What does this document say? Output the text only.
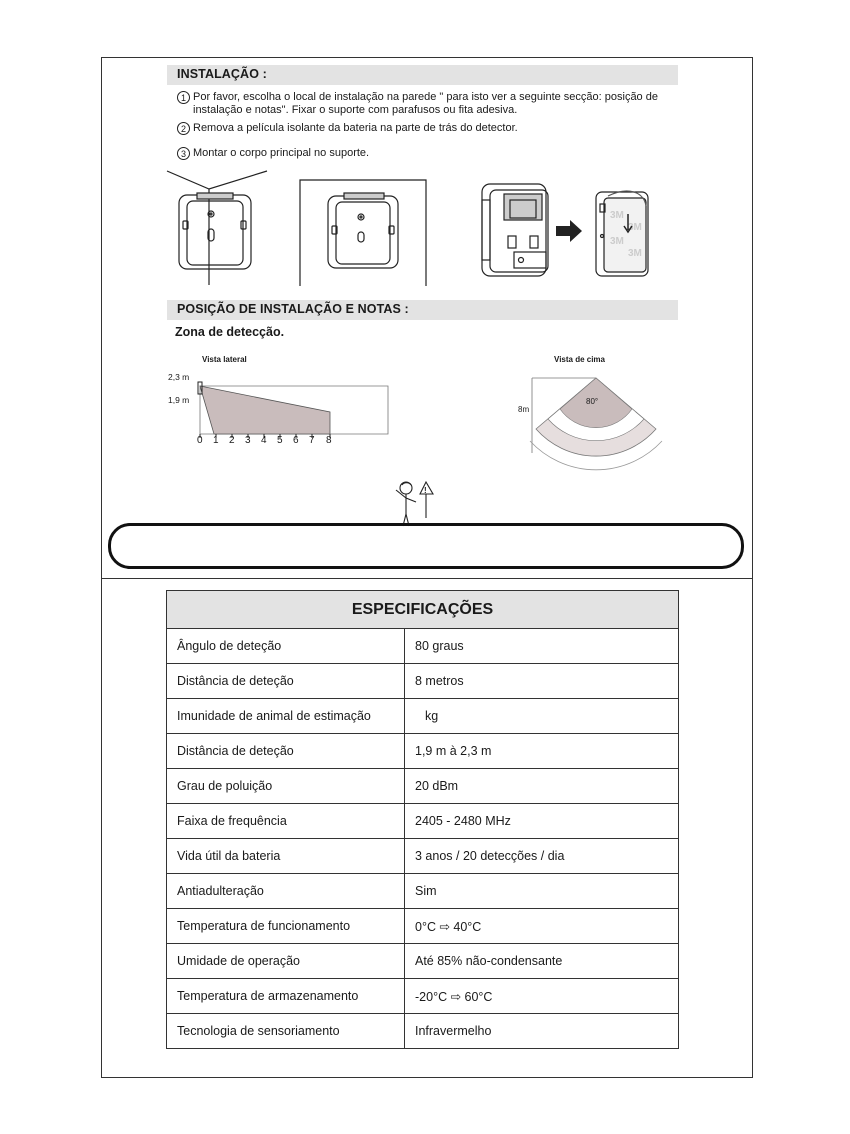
INSTALAÇÃO :
1 Por favor, escolha o local de instalação na parede " para isto ver a seguinte secção: posição de instalação e notas". Fixar o suporte com parafusos ou fita adesiva.
2 Remova a película isolante da bateria na parte de trás do detector.
3 Montar o corpo principal no suporte.
3M
3M
3M
3M
POSIÇÃO DE INSTALAÇÃO E NOTAS :
Zona de detecção.
Vista lateral	Vista de cima
2,3 m
1,9 m
0 1 2 3 4 5 6 7 8
80°
8m
!
ESPECIFICAÇÕES	
Ângulo de deteção	80 graus
Distância de deteção	8 metros
Imunidade de animal de estimação	kg
Distância de deteção	1,9 m à 2,3 m
Grau de poluição	20 dBm
Faixa de frequência	2405 - 2480 MHz
Vida útil da bateria	3 anos / 20 detecções / dia
Antiadulteração	Sim
Temperatura de funcionamento	0°C ⇨ 40°C
Umidade de operação	Até 85% não-condensante
Temperatura de armazenamento	-20°C ⇨ 60°C
Tecnologia de sensoriamento	Infravermelho
